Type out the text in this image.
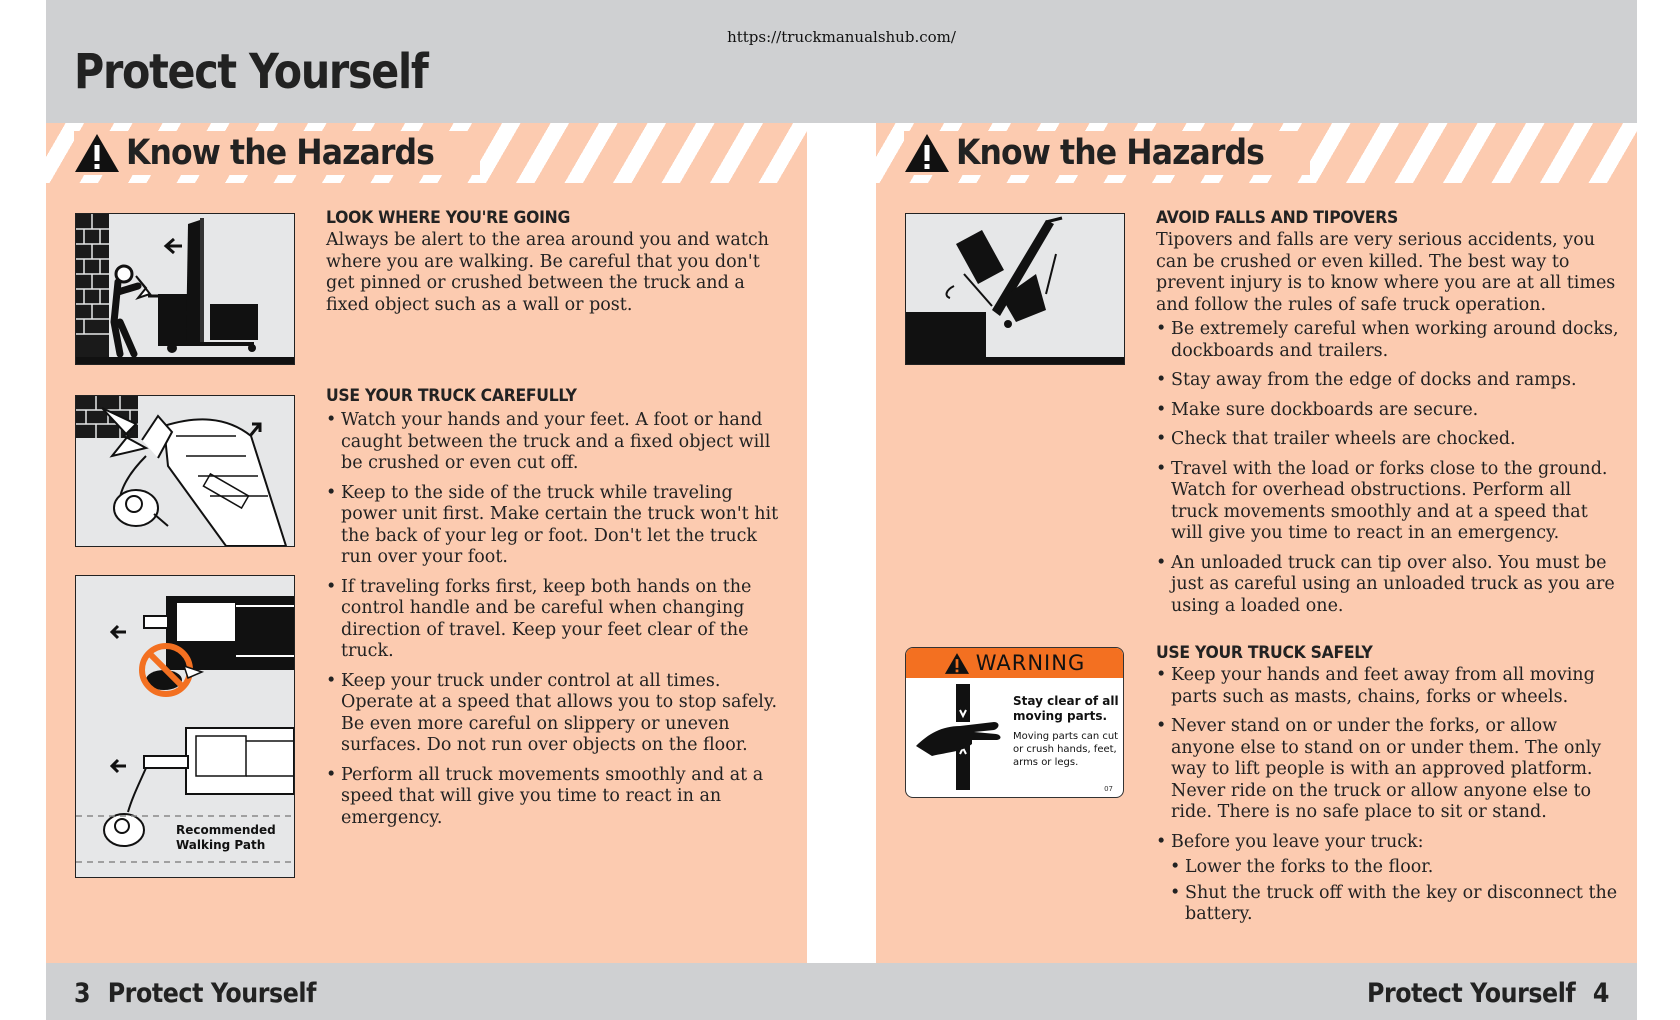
https://truckmanualshub.com/
Protect Yourself
Know the Hazards
Recommended Walking Path
LOOK WHERE YOU'RE GOING

Always be alert to the area around you and watch where you are walking. Be careful that you don't get pinned or crushed between the truck and a fixed object such as a wall or post.

USE YOUR TRUCK CAREFULLY
• Watch your hands and your feet. A foot or hand caught between the truck and a fixed object will be crushed or even cut off.
• Keep to the side of the truck while traveling power unit first. Make certain the truck won't hit the back of your leg or foot. Don't let the truck run over your foot.
• If traveling forks first, keep both hands on the control handle and be careful when changing direction of travel. Keep your feet clear of the truck.
• Keep your truck under control at all times. Operate at a speed that allows you to stop safely. Be even more careful on slippery or uneven surfaces. Do not run over objects on the floor.
• Perform all truck movements smoothly and at a speed that will give you time to react in an emergency.
Know the Hazards
WARNING
Stay clear of all moving parts.
Moving parts can cut or crush hands, feet, arms or legs.
07
AVOID FALLS AND TIPOVERS

Tipovers and falls are very serious accidents, you can be crushed or even killed. The best way to prevent injury is to know where you are at all times and follow the rules of safe truck operation.

• Be extremely careful when working around docks, dockboards and trailers.
• Stay away from the edge of docks and ramps.
• Make sure dockboards are secure.
• Check that trailer wheels are chocked.
• Travel with the load or forks close to the ground. Watch for overhead obstructions. Perform all truck movements smoothly and at a speed that will give you time to react in an emergency.
• An unloaded truck can tip over also. You must be just as careful using an unloaded truck as you are using a loaded one.
USE YOUR TRUCK SAFELY
• Keep your hands and feet away from all moving parts such as masts, chains, forks or wheels.
• Never stand on or under the forks, or allow anyone else to stand on or under them. The only way to lift people is with an approved platform. Never ride on the truck or allow anyone else to ride. There is no safe place to sit or stand.
• Before you leave your truck:
• Lower the forks to the floor.
• Shut the truck off with the key or disconnect the battery.
3 Protect Yourself	Protect Yourself 4
